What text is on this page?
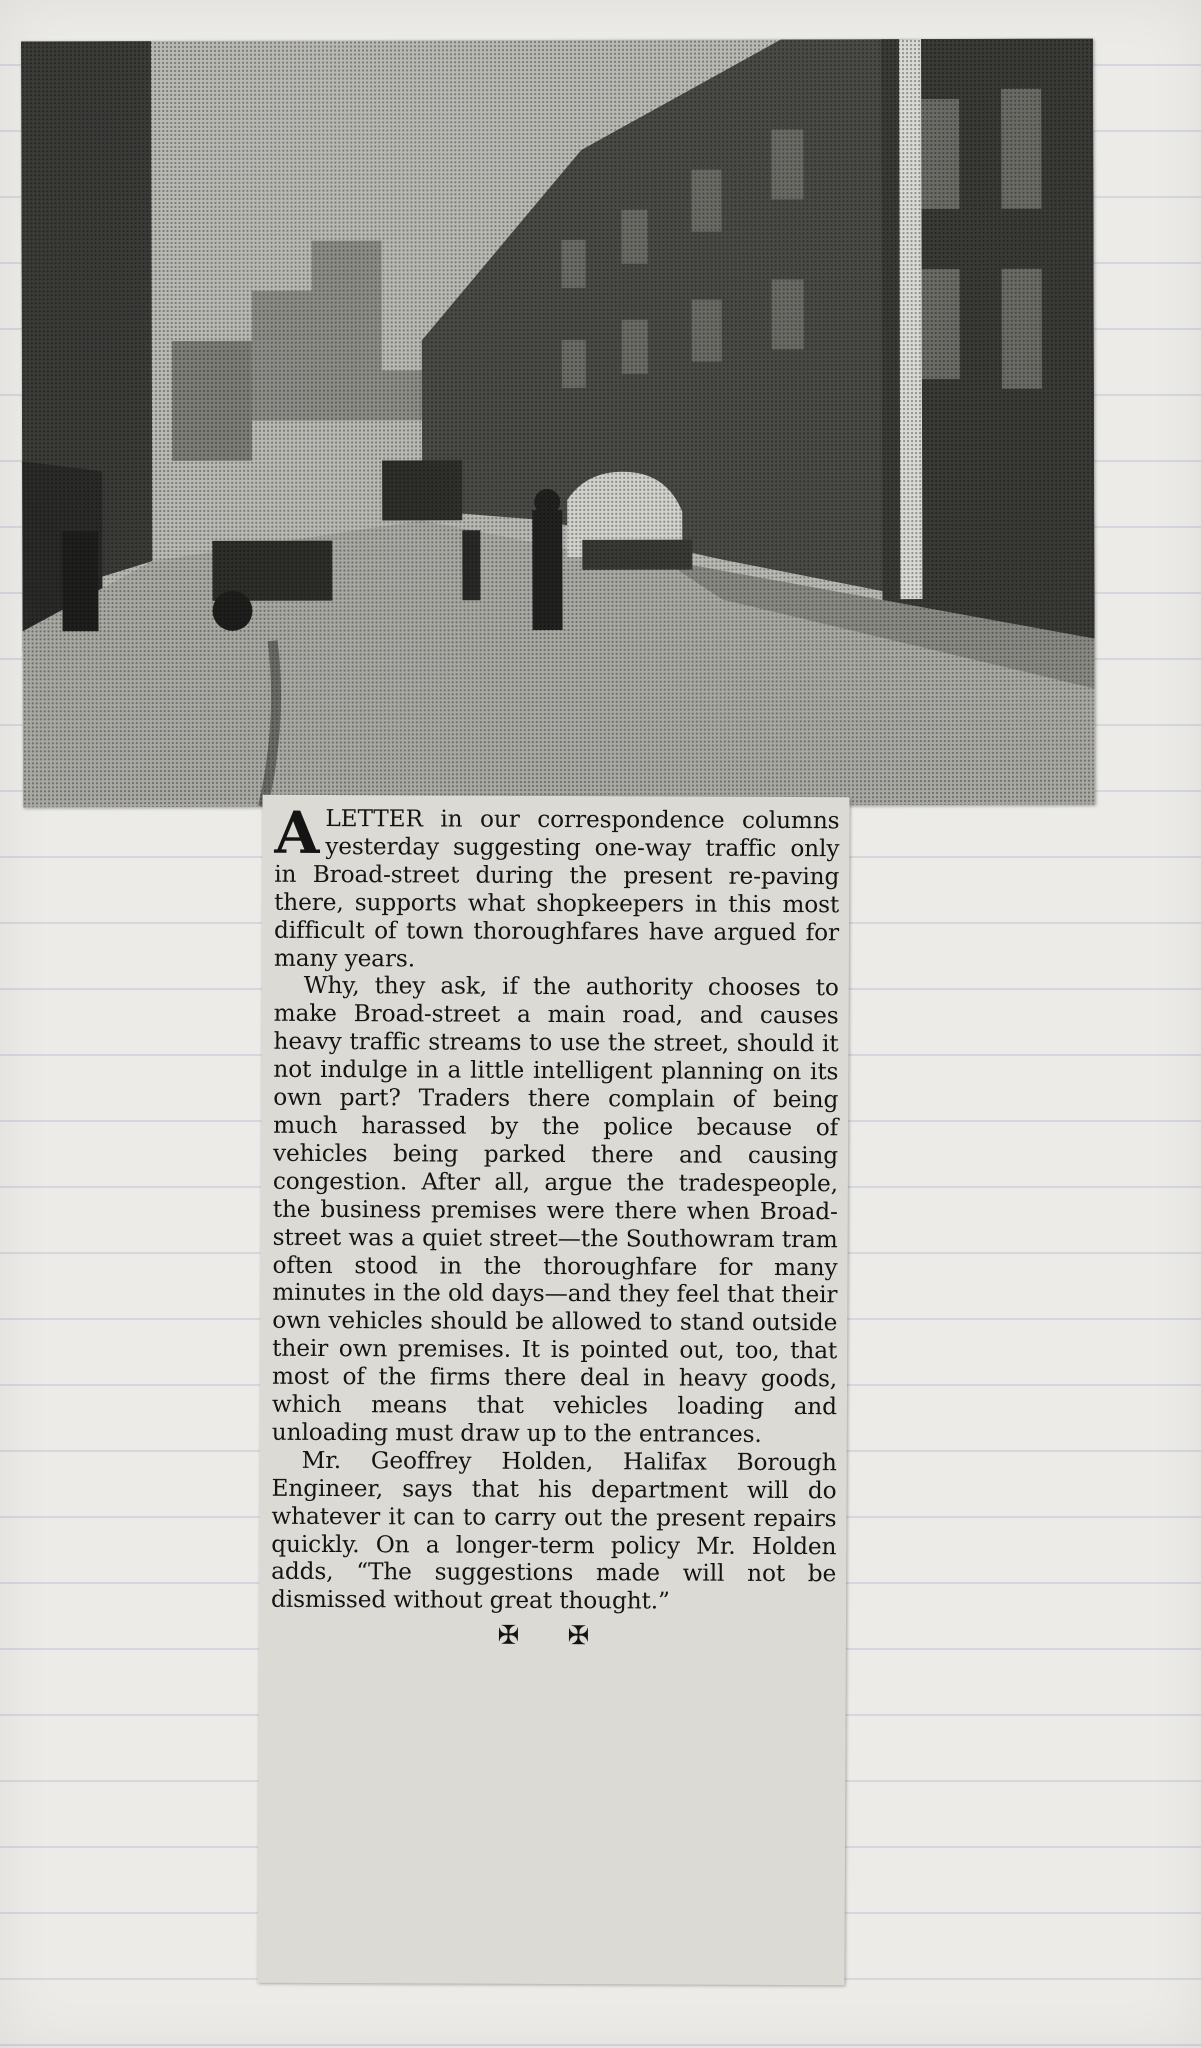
ALETTER in our correspondence columns yesterday suggesting one-way traffic only in Broad-street during the present re-paving there, supports what shopkeepers in this most difficult of town thoroughfares have argued for many years.

Why, they ask, if the authority chooses to make Broad-street a main road, and causes heavy traffic streams to use the street, should it not indulge in a little intelligent planning on its own part? Traders there complain of being much harassed by the police because of vehicles being parked there and causing congestion. After all, argue the tradespeople, the business premises were there when Broad-street was a quiet street—the Southowram tram often stood in the thoroughfare for many minutes in the old days—and they feel that their own vehicles should be allowed to stand outside their own premises. It is pointed out, too, that most of the firms there deal in heavy goods, which means that vehicles loading and unloading must draw up to the entrances.

Mr. Geoffrey Holden, Halifax Borough Engineer, says that his department will do whatever it can to carry out the present repairs quickly. On a longer-term policy Mr. Holden adds, “The suggestions made will not be dismissed without great thought.”

✠ ✠
